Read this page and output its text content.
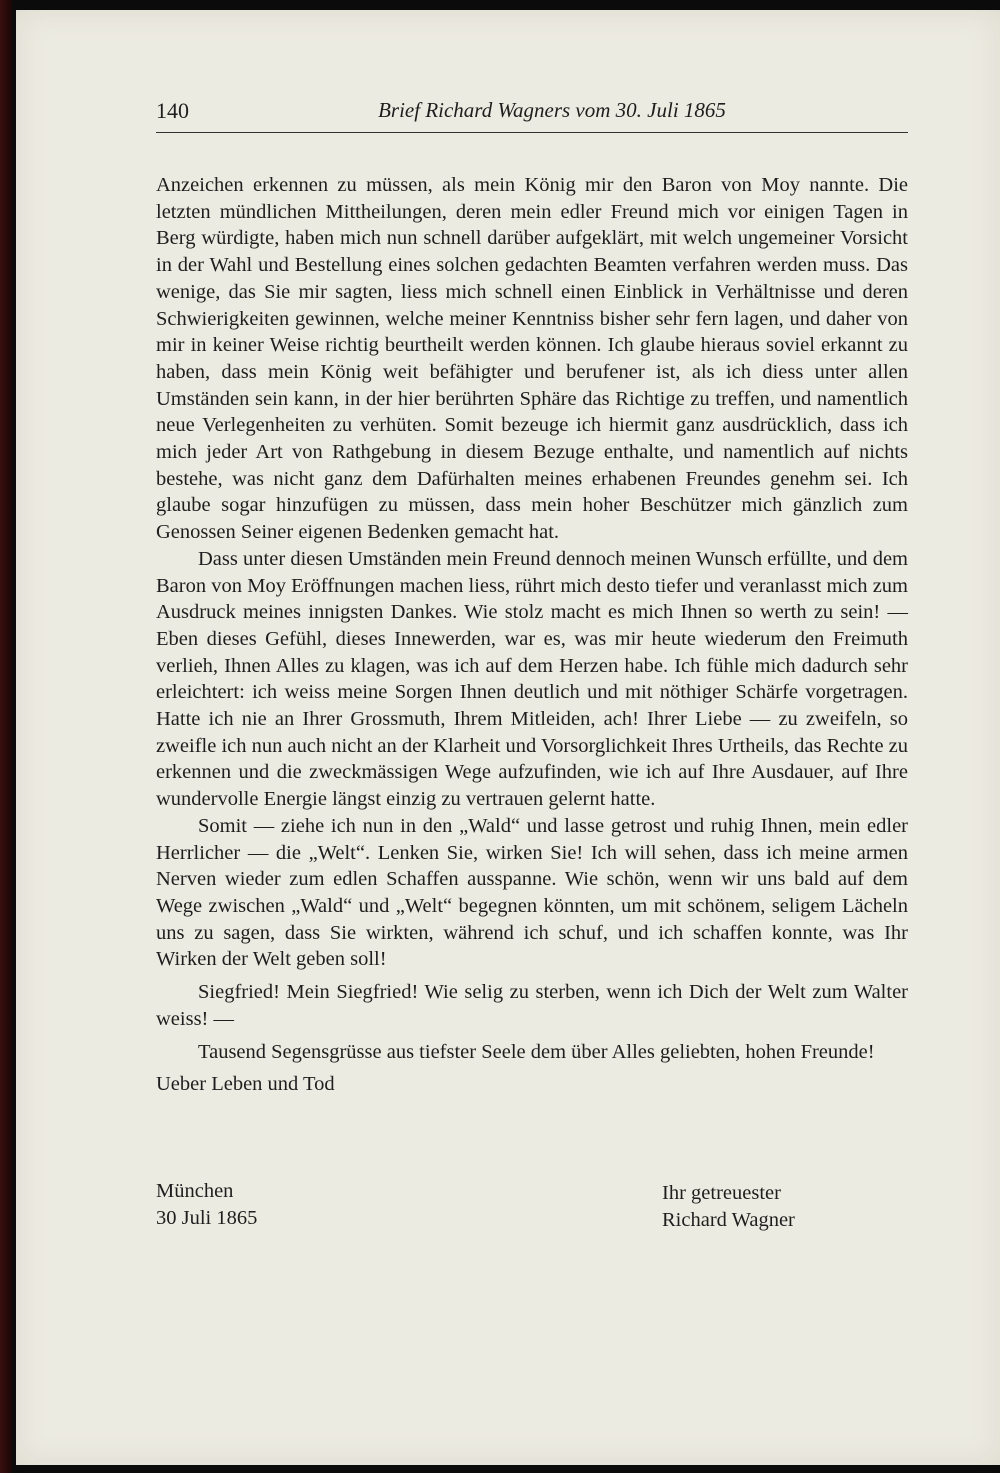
140	Brief Richard Wagners vom 30. Juli 1865

Anzeichen erkennen zu müssen, als mein König mir den Baron von Moy nannte. Die letzten mündlichen Mittheilungen, deren mein edler Freund mich vor einigen Tagen in Berg würdigte, haben mich nun schnell darüber aufgeklärt, mit welch ungemeiner Vorsicht in der Wahl und Bestellung eines solchen gedachten Beamten verfahren werden muss. Das wenige, das Sie mir sagten, liess mich schnell einen Einblick in Verhältnisse und deren Schwierigkeiten gewinnen, welche meiner Kenntniss bisher sehr fern lagen, und daher von mir in keiner Weise richtig beurtheilt werden können. Ich glaube hieraus soviel erkannt zu haben, dass mein König weit befähigter und berufener ist, als ich diess unter allen Umständen sein kann, in der hier berührten Sphäre das Richtige zu treffen, und namentlich neue Verlegenheiten zu verhüten. Somit bezeuge ich hiermit ganz ausdrücklich, dass ich mich jeder Art von Rathgebung in diesem Bezuge enthalte, und namentlich auf nichts bestehe, was nicht ganz dem Dafürhalten meines erhabenen Freundes genehm sei. Ich glaube sogar hinzufügen zu müssen, dass mein hoher Beschützer mich gänzlich zum Genossen Seiner eigenen Bedenken gemacht hat.

Dass unter diesen Umständen mein Freund dennoch meinen Wunsch erfüllte, und dem Baron von Moy Eröffnungen machen liess, rührt mich desto tiefer und veranlasst mich zum Ausdruck meines innigsten Dankes. Wie stolz macht es mich Ihnen so werth zu sein! — Eben dieses Gefühl, dieses Innewerden, war es, was mir heute wiederum den Freimuth verlieh, Ihnen Alles zu klagen, was ich auf dem Herzen habe. Ich fühle mich dadurch sehr erleichtert: ich weiss meine Sorgen Ihnen deutlich und mit nöthiger Schärfe vorgetragen. Hatte ich nie an Ihrer Grossmuth, Ihrem Mitleiden, ach! Ihrer Liebe — zu zweifeln, so zweifle ich nun auch nicht an der Klarheit und Vorsorglichkeit Ihres Urtheils, das Rechte zu erkennen und die zweckmässigen Wege aufzufinden, wie ich auf Ihre Ausdauer, auf Ihre wundervolle Energie längst einzig zu vertrauen gelernt hatte.

Somit — ziehe ich nun in den „Wald“ und lasse getrost und ruhig Ihnen, mein edler Herrlicher — die „Welt“. Lenken Sie, wirken Sie! Ich will sehen, dass ich meine armen Nerven wieder zum edlen Schaffen ausspanne. Wie schön, wenn wir uns bald auf dem Wege zwischen „Wald“ und „Welt“ begegnen könnten, um mit schönem, seligem Lächeln uns zu sagen, dass Sie wirkten, während ich schuf, und ich schaffen konnte, was Ihr Wirken der Welt geben soll!

Siegfried! Mein Siegfried! Wie selig zu sterben, wenn ich Dich der Welt zum Walter weiss! —

Tausend Segensgrüsse aus tiefster Seele dem über Alles geliebten, hohen Freunde!

Ueber Leben und Tod

München
30 Juli 1865
Ihr getreuester
Richard Wagner
